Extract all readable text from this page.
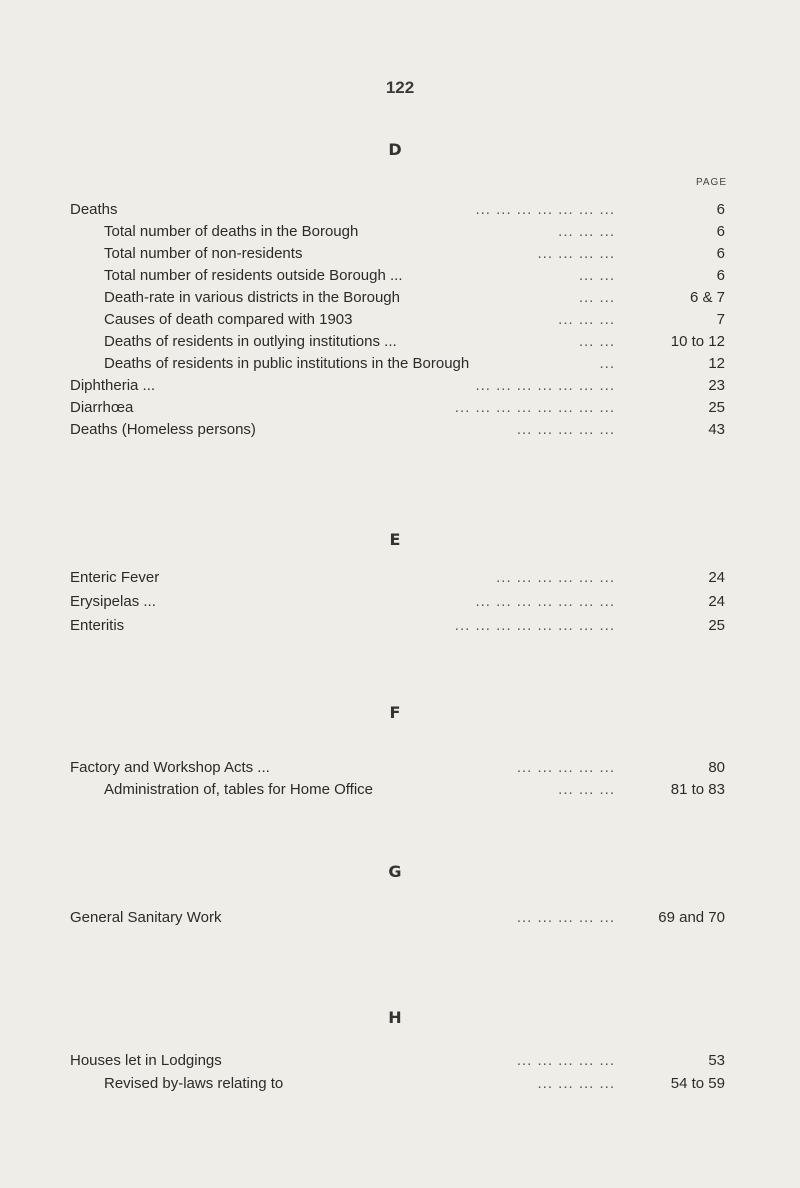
122
D
PAGE
Deaths	... ... ... ... ... ... ...	6
Total number of deaths in the Borough	... ... ...	6
Total number of non-residents	... ... ... ...	6
Total number of residents outside Borough ...	... ...	6
Death-rate in various districts in the Borough	... ...	6 & 7
Causes of death compared with 1903	... ... ...	7
Deaths of residents in outlying institutions ...	... ...	10 to 12
Deaths of residents in public institutions in the Borough	...	12
Diphtheria ...	... ... ... ... ... ... ...	23
Diarrhœa	... ... ... ... ... ... ... ...	25
Deaths (Homeless persons)	... ... ... ... ...	43
E
Enteric Fever	... ... ... ... ... ...	24
Erysipelas ...	... ... ... ... ... ... ...	24
Enteritis	... ... ... ... ... ... ... ...	25
F
Factory and Workshop Acts ...	... ... ... ... ...	80
Administration of, tables for Home Office	... ... ...	81 to 83
G
General Sanitary Work	... ... ... ... ...	69 and 70
H
Houses let in Lodgings	... ... ... ... ...	53
Revised by-laws relating to	... ... ... ...	54 to 59
